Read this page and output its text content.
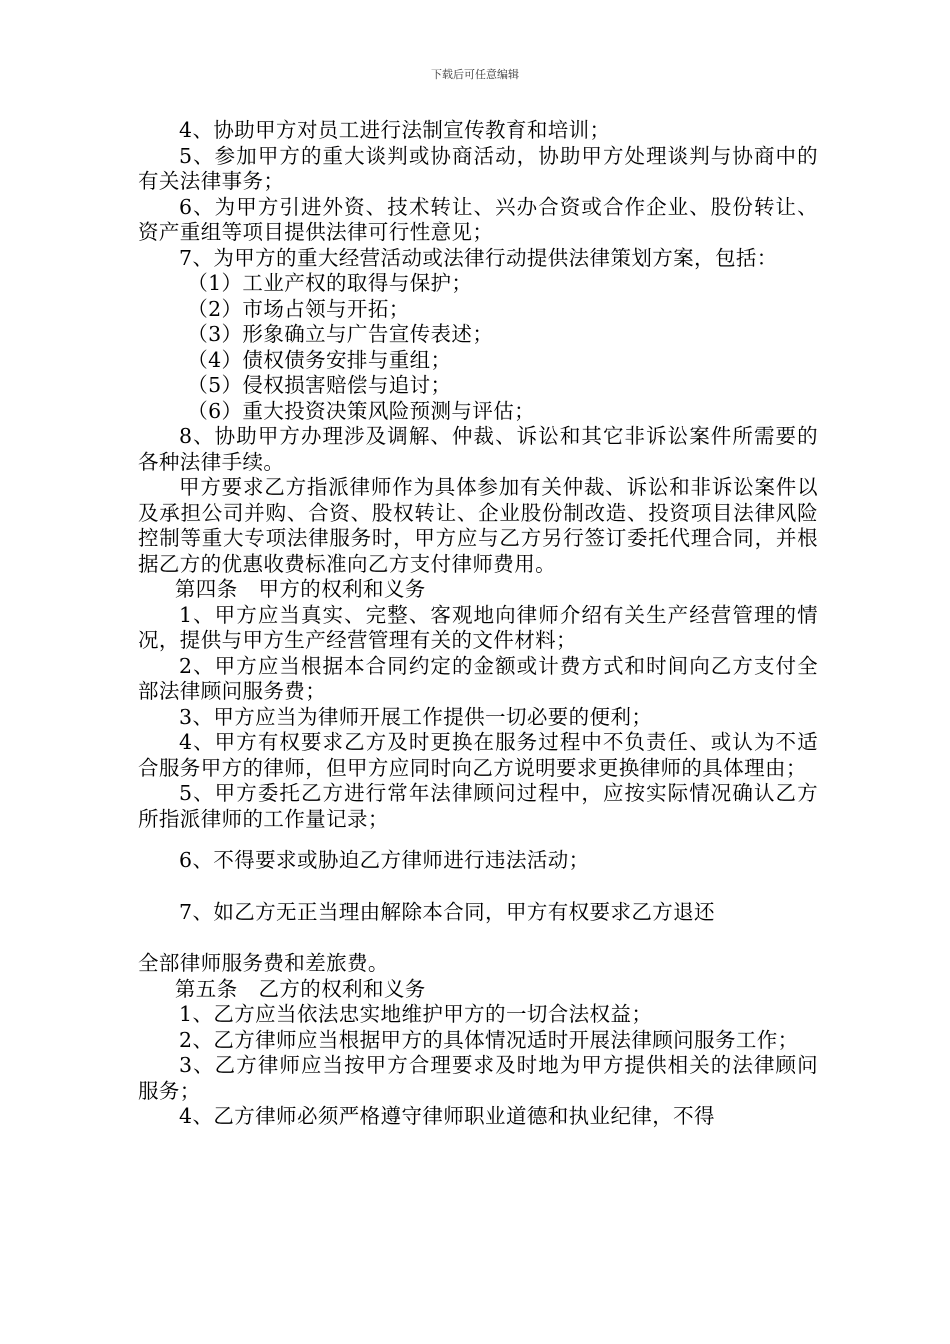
下载后可任意编辑

4、协助甲方对员工进行法制宣传教育和培训；

5、参加甲方的重大谈判或协商活动，协助甲方处理谈判与协商中的有关法律事务；

6、为甲方引进外资、技术转让、兴办合资或合作企业、股份转让、资产重组等项目提供法律可行性意见；

7、为甲方的重大经营活动或法律行动提供法律策划方案，包括：

（1）工业产权的取得与保护；

（2）市场占领与开拓；

（3）形象确立与广告宣传表述；

（4）债权债务安排与重组；

（5）侵权损害赔偿与追讨；

（6）重大投资决策风险预测与评估；

8、协助甲方办理涉及调解、仲裁、诉讼和其它非诉讼案件所需要的各种法律手续。

甲方要求乙方指派律师作为具体参加有关仲裁、诉讼和非诉讼案件以及承担公司并购、合资、股权转让、企业股份制改造、投资项目法律风险控制等重大专项法律服务时，甲方应与乙方另行签订委托代理合同，并根据乙方的优惠收费标准向乙方支付律师费用。

第四条　甲方的权利和义务

1、甲方应当真实、完整、客观地向律师介绍有关生产经营管理的情况，提供与甲方生产经营管理有关的文件材料；

2、甲方应当根据本合同约定的金额或计费方式和时间向乙方支付全部法律顾问服务费；

3、甲方应当为律师开展工作提供一切必要的便利；

4、甲方有权要求乙方及时更换在服务过程中不负责任、或认为不适合服务甲方的律师，但甲方应同时向乙方说明要求更换律师的具体理由；

5、甲方委托乙方进行常年法律顾问过程中，应按实际情况确认乙方所指派律师的工作量记录；

6、不得要求或胁迫乙方律师进行违法活动；

7、如乙方无正当理由解除本合同，甲方有权要求乙方退还

全部律师服务费和差旅费。

第五条　乙方的权利和义务

1、乙方应当依法忠实地维护甲方的一切合法权益；

2、乙方律师应当根据甲方的具体情况适时开展法律顾问服务工作；

3、乙方律师应当按甲方合理要求及时地为甲方提供相关的法律顾问服务；

4、乙方律师必须严格遵守律师职业道德和执业纪律，不得
